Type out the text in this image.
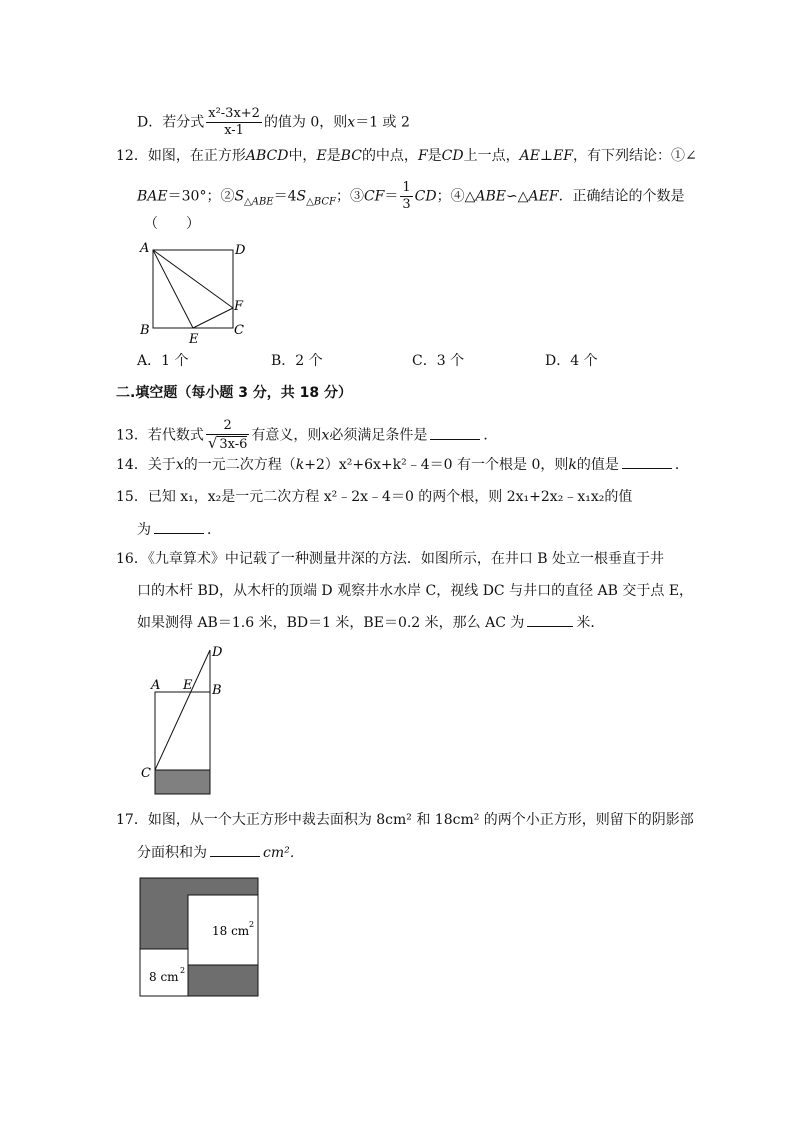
D．若分式 $\frac{\text{x²-3x+2}}{x-1}$ 的值为 0，则x＝1 或 2
12．如图，在正方形ABCD中，E是BC的中点，F是CD上一点，AE⊥EF，有下列结论：①∠
BAE＝30°；$②S_{\triangle ABE}=4S_{\triangle BCF}$；③CF＝ $\frac{1}{3}$ CD；④△ABE∽△AEF．正确结论的个数是
（　　）
A	D
F
B
E
C
A．1 个	B．2 个	C．3 个	D．4 个
二.填空题（每小题 3 分，共 18 分）
13．若代数式 $\frac{2}{√ 3x-6}$ 有意义，则x必须满足条件是	．
14．关于x的一元二次方程（k+2）x²+6x+k²﹣4＝0 有一个根是 0，则k的值是	．
15．已知 x₁，x₂是一元二次方程 x²﹣2x﹣4＝0 的两个根，则 2x₁+2x₂﹣x₁x₂的值
为	．
16．《九章算术》中记载了一种测量井深的方法．如图所示，在井口 B 处立一根垂直于井
口的木杆 BD，从木杆的顶端 D 观察井水水岸 C，视线 DC 与井口的直径 AB 交于点 E，
如果测得 AB＝1.6 米，BD＝1 米，BE＝0.2 米，那么 AC 为	米．
D
A E B
C
17．如图，从一个大正方形中裁去面积为 8cm² 和 18cm² 的两个小正方形，则留下的阴影部
分面积和为	cm²．
18 cm 2
8 cm 2
